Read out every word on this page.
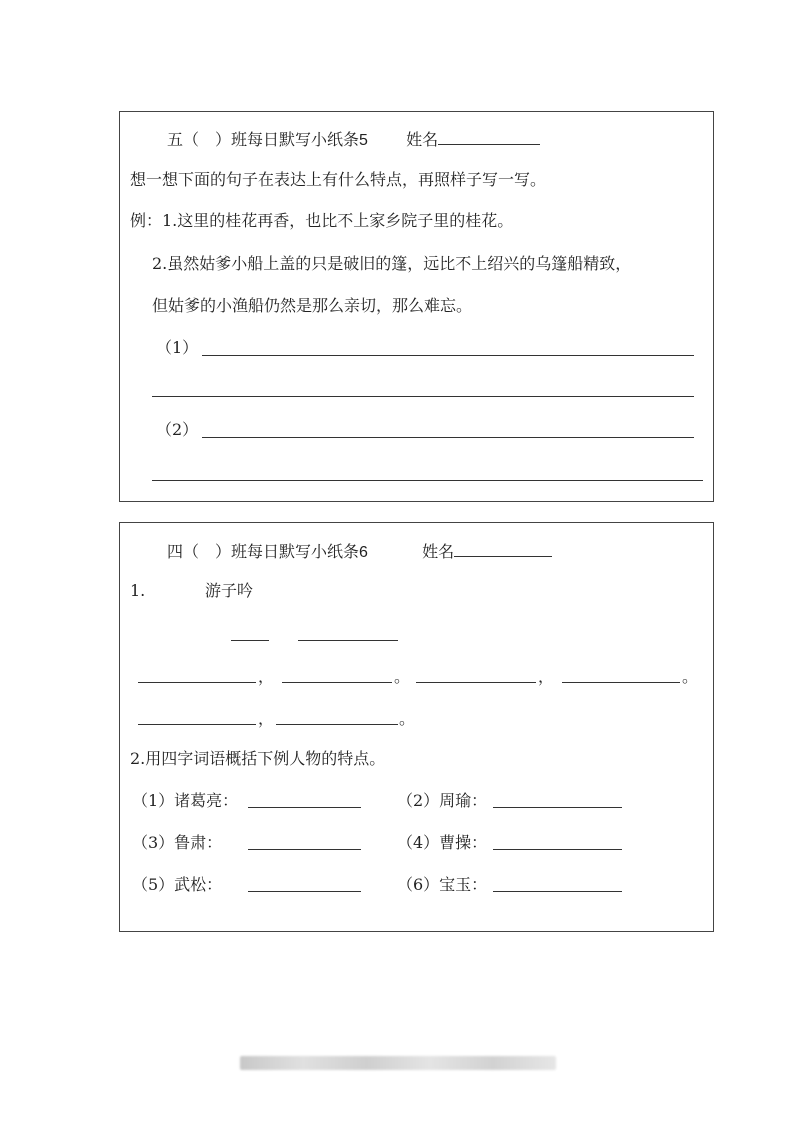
五（　）班每日默写小纸条5 姓名
想一想下面的句子在表达上有什么特点，再照样子写一写。
例：1.这里的桂花再香，也比不上家乡院子里的桂花。
2.虽然姑爹小船上盖的只是破旧的篷，远比不上绍兴的乌篷船精致，
但姑爹的小渔船仍然是那么亲切，那么难忘。
（1）
（2）
四（　）班每日默写小纸条6	姓名
1.	游子吟
，	。	，	。
，	。
2.用四字词语概括下例人物的特点。
（1）诸葛亮：	（2）周瑜：
（3）鲁肃：	（4）曹操：
（5）武松：	（6）宝玉：
